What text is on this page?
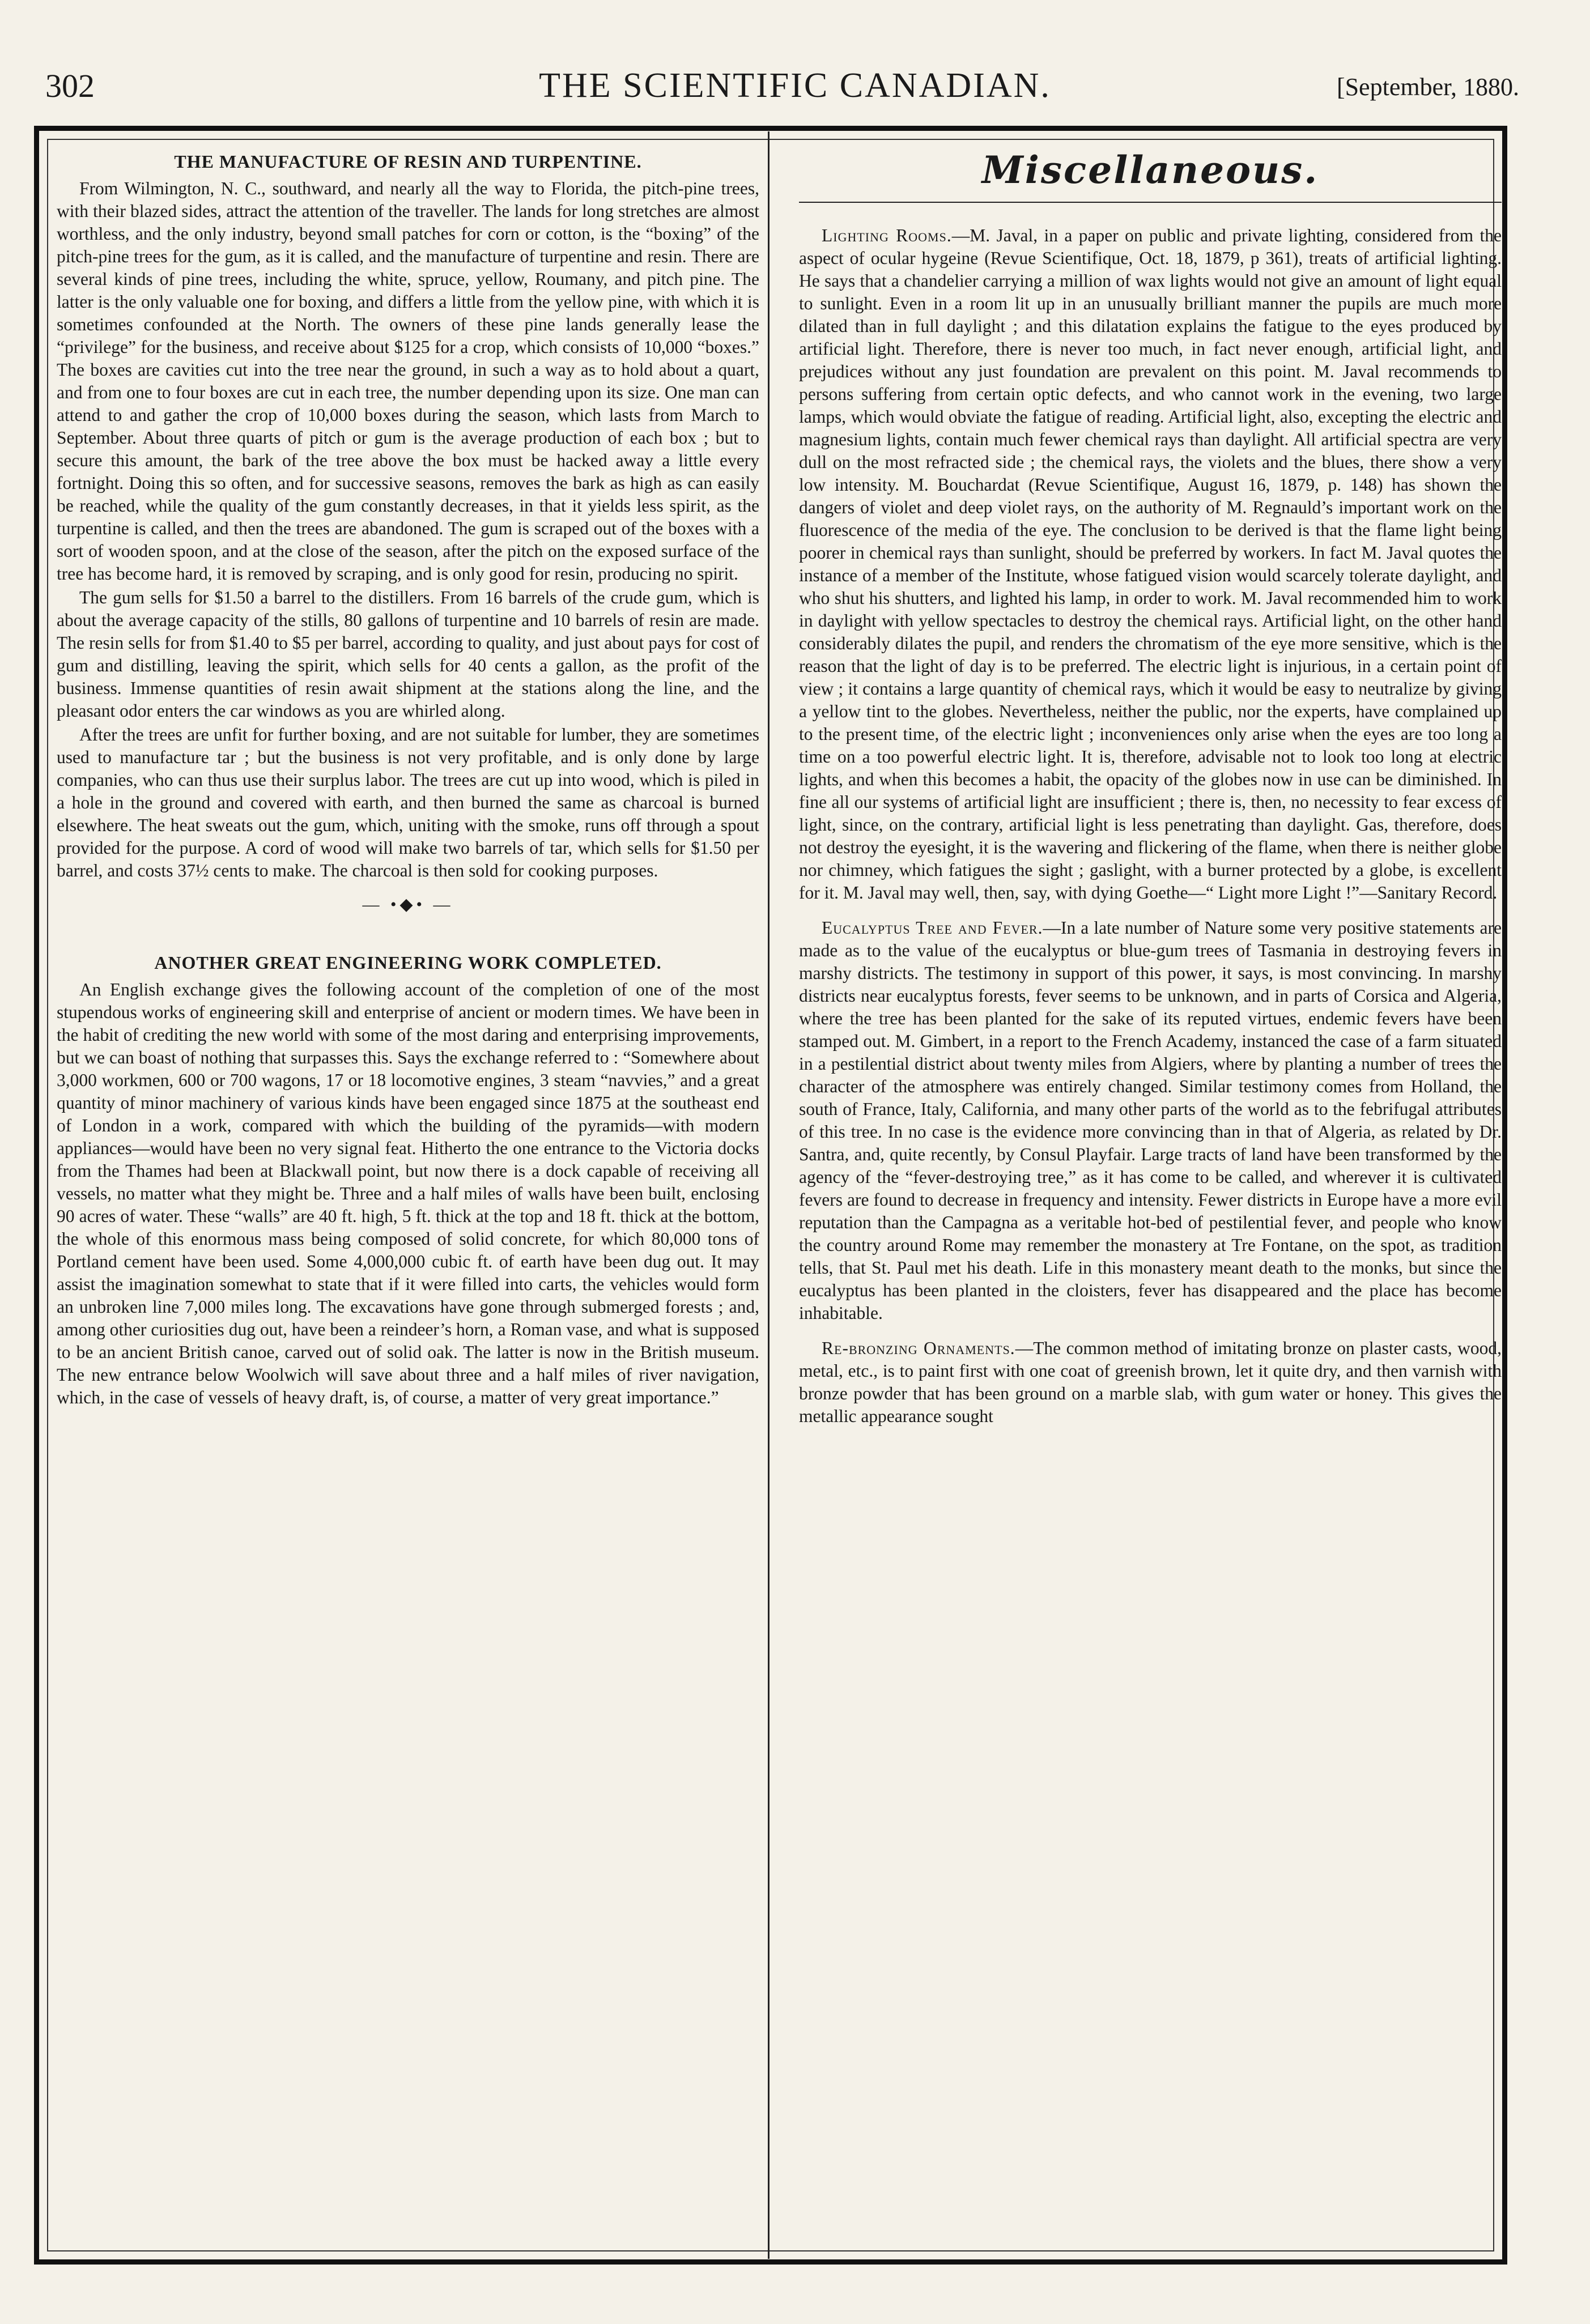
302	THE SCIENTIFIC CANADIAN.	[September, 1880.
THE MANUFACTURE OF RESIN AND TURPENTINE.

From Wilmington, N. C., southward, and nearly all the way to Florida, the pitch-pine trees, with their blazed sides, attract the attention of the traveller. The lands for long stretches are almost worthless, and the only industry, beyond small patches for corn or cotton, is the “boxing” of the pitch-pine trees for the gum, as it is called, and the manufacture of turpentine and resin. There are several kinds of pine trees, including the white, spruce, yellow, Roumany, and pitch pine. The latter is the only valuable one for boxing, and differs a little from the yellow pine, with which it is sometimes confounded at the North. The owners of these pine lands generally lease the “privilege” for the business, and receive about $125 for a crop, which consists of 10,000 “boxes.” The boxes are cavities cut into the tree near the ground, in such a way as to hold about a quart, and from one to four boxes are cut in each tree, the number depending upon its size. One man can attend to and gather the crop of 10,000 boxes during the season, which lasts from March to September. About three quarts of pitch or gum is the average production of each box ; but to secure this amount, the bark of the tree above the box must be hacked away a little every fortnight. Doing this so often, and for successive seasons, removes the bark as high as can easily be reached, while the quality of the gum constantly decreases, in that it yields less spirit, as the turpentine is called, and then the trees are abandoned. The gum is scraped out of the boxes with a sort of wooden spoon, and at the close of the season, after the pitch on the exposed surface of the tree has become hard, it is removed by scraping, and is only good for resin, producing no spirit.

The gum sells for $1.50 a barrel to the distillers. From 16 barrels of the crude gum, which is about the average capacity of the stills, 80 gallons of turpentine and 10 barrels of resin are made. The resin sells for from $1.40 to $5 per barrel, according to quality, and just about pays for cost of gum and distilling, leaving the spirit, which sells for 40 cents a gallon, as the profit of the business. Immense quantities of resin await shipment at the stations along the line, and the pleasant odor enters the car windows as you are whirled along.

After the trees are unfit for further boxing, and are not suitable for lumber, they are sometimes used to manufacture tar ; but the business is not very profitable, and is only done by large companies, who can thus use their surplus labor. The trees are cut up into wood, which is piled in a hole in the ground and covered with earth, and then burned the same as charcoal is burned elsewhere. The heat sweats out the gum, which, uniting with the smoke, runs off through a spout provided for the purpose. A cord of wood will make two barrels of tar, which sells for $1.50 per barrel, and costs 37½ cents to make. The charcoal is then sold for cooking purposes.

— •◆• —
ANOTHER GREAT ENGINEERING WORK COMPLETED.

An English exchange gives the following account of the completion of one of the most stupendous works of engineering skill and enterprise of ancient or modern times. We have been in the habit of crediting the new world with some of the most daring and enterprising improvements, but we can boast of nothing that surpasses this. Says the exchange referred to : “Somewhere about 3,000 workmen, 600 or 700 wagons, 17 or 18 locomotive engines, 3 steam “navvies,” and a great quantity of minor machinery of various kinds have been engaged since 1875 at the southeast end of London in a work, compared with which the building of the pyramids—with modern appliances—would have been no very signal feat. Hitherto the one entrance to the Victoria docks from the Thames had been at Blackwall point, but now there is a dock capable of receiving all vessels, no matter what they might be. Three and a half miles of walls have been built, enclosing 90 acres of water. These “walls” are 40 ft. high, 5 ft. thick at the top and 18 ft. thick at the bottom, the whole of this enormous mass being composed of solid concrete, for which 80,000 tons of Portland cement have been used. Some 4,000,000 cubic ft. of earth have been dug out. It may assist the imagination somewhat to state that if it were filled into carts, the vehicles would form an unbroken line 7,000 miles long. The excavations have gone through submerged forests ; and, among other curiosities dug out, have been a reindeer’s horn, a Roman vase, and what is supposed to be an ancient British canoe, carved out of solid oak. The latter is now in the British museum. The new entrance below Woolwich will save about three and a half miles of river navigation, which, in the case of vessels of heavy draft, is, of course, a matter of very great importance.”

Miscellaneous.

Lighting Rooms.—M. Javal, in a paper on public and private lighting, considered from the aspect of ocular hygeine (Revue Scientifique, Oct. 18, 1879, p 361), treats of artificial lighting. He says that a chandelier carrying a million of wax lights would not give an amount of light equal to sunlight. Even in a room lit up in an unusually brilliant manner the pupils are much more dilated than in full daylight ; and this dilatation explains the fatigue to the eyes produced by artificial light. Therefore, there is never too much, in fact never enough, artificial light, and prejudices without any just foundation are prevalent on this point. M. Javal recommends to persons suffering from certain optic defects, and who cannot work in the evening, two large lamps, which would obviate the fatigue of reading. Artificial light, also, excepting the electric and magnesium lights, contain much fewer chemical rays than daylight. All artificial spectra are very dull on the most refracted side ; the chemical rays, the violets and the blues, there show a very low intensity. M. Bouchardat (Revue Scientifique, August 16, 1879, p. 148) has shown the dangers of violet and deep violet rays, on the authority of M. Regnauld’s important work on the fluorescence of the media of the eye. The conclusion to be derived is that the flame light being poorer in chemical rays than sunlight, should be preferred by workers. In fact M. Javal quotes the instance of a member of the Institute, whose fatigued vision would scarcely tolerate daylight, and who shut his shutters, and lighted his lamp, in order to work. M. Javal recommended him to work in daylight with yellow spectacles to destroy the chemical rays. Artificial light, on the other hand considerably dilates the pupil, and renders the chromatism of the eye more sensitive, which is the reason that the light of day is to be preferred. The electric light is injurious, in a certain point of view ; it contains a large quantity of chemical rays, which it would be easy to neutralize by giving a yellow tint to the globes. Nevertheless, neither the public, nor the experts, have complained up to the present time, of the electric light ; inconveniences only arise when the eyes are too long a time on a too powerful electric light. It is, therefore, advisable not to look too long at electric lights, and when this becomes a habit, the opacity of the globes now in use can be diminished. In fine all our systems of artificial light are insufficient ; there is, then, no necessity to fear excess of light, since, on the contrary, artificial light is less penetrating than daylight. Gas, therefore, does not destroy the eyesight, it is the wavering and flickering of the flame, when there is neither globe nor chimney, which fatigues the sight ; gaslight, with a burner protected by a globe, is excellent for it. M. Javal may well, then, say, with dying Goethe—“ Light more Light !”—Sanitary Record.

Eucalyptus Tree and Fever.—In a late number of Nature some very positive statements are made as to the value of the eucalyptus or blue-gum trees of Tasmania in destroying fevers in marshy districts. The testimony in support of this power, it says, is most convincing. In marshy districts near eucalyptus forests, fever seems to be unknown, and in parts of Corsica and Algeria, where the tree has been planted for the sake of its reputed virtues, endemic fevers have been stamped out. M. Gimbert, in a report to the French Academy, instanced the case of a farm situated in a pestilential district about twenty miles from Algiers, where by planting a number of trees the character of the atmosphere was entirely changed. Similar testimony comes from Holland, the south of France, Italy, California, and many other parts of the world as to the febrifugal attributes of this tree. In no case is the evidence more convincing than in that of Algeria, as related by Dr. Santra, and, quite recently, by Consul Playfair. Large tracts of land have been transformed by the agency of the “fever-destroying tree,” as it has come to be called, and wherever it is cultivated fevers are found to decrease in frequency and intensity. Fewer districts in Europe have a more evil reputation than the Campagna as a veritable hot-bed of pestilential fever, and people who know the country around Rome may remember the monastery at Tre Fontane, on the spot, as tradition tells, that St. Paul met his death. Life in this monastery meant death to the monks, but since the eucalyptus has been planted in the cloisters, fever has disappeared and the place has become inhabitable.

Re-bronzing Ornaments.—The common method of imitating bronze on plaster casts, wood, metal, etc., is to paint first with one coat of greenish brown, let it quite dry, and then varnish with bronze powder that has been ground on a marble slab, with gum water or honey. This gives the metallic appearance sought
